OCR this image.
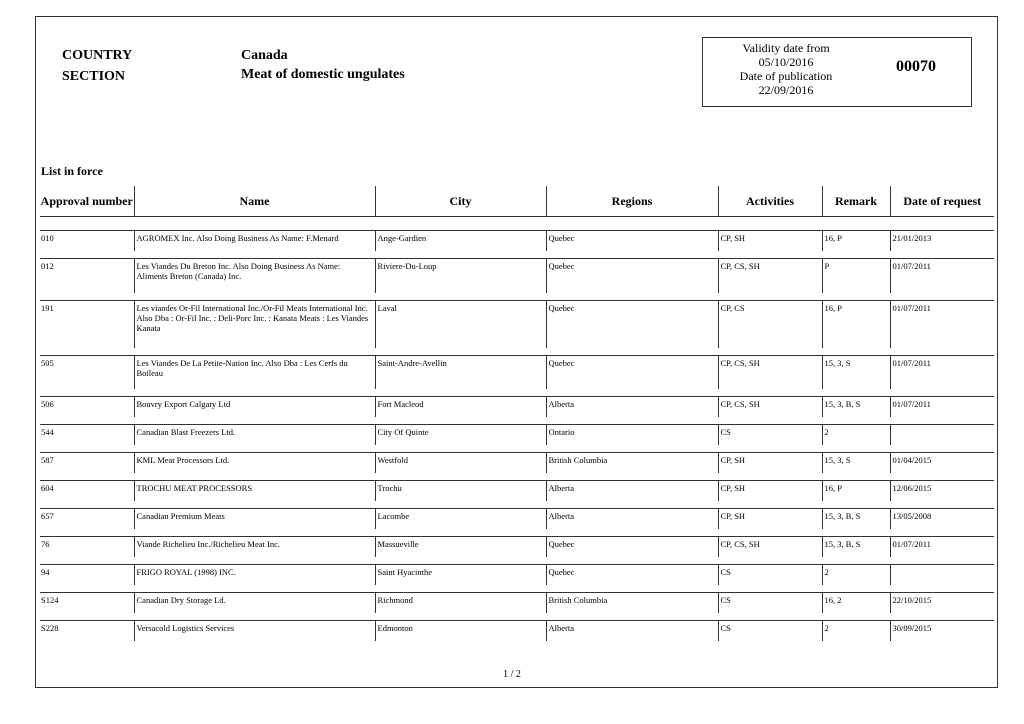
COUNTRY
SECTION
Canada
Meat of domestic ungulates
Validity date from
05/10/2016
Date of publication
22/09/2016
00070
List in force
Approval number	Name	City	Regions	Activities	Remark	Date of request

010	AGROMEX Inc. Also Doing Business As Name: F.Menard	Ange-Gardien	Quebec	CP, SH	16, P	21/01/2013

012	Les Viandes Du Breton Inc. Also Doing Business As Name: Aliments Breton (Canada) Inc.	Riviere-Du-Loup	Quebec	CP, CS, SH	P	01/07/2011

191	Les viandes Or-Fil International Inc./Or-Fil Meats International Inc. Also Dba : Or-Fil Inc. : Deli-Porc Inc. : Kanata Meats : Les Viandes Kanata	Laval	Quebec	CP, CS	16, P	01/07/2011

505	Les Viandes De La Petite-Nation Inc. Also Dba : Les Cerfs du Boileau	Saint-Andre-Avellin	Quebec	CP, CS, SH	15, 3, S	01/07/2011

506	Bouvry Export Calgary Ltd	Fort Macleod	Alberta	CP, CS, SH	15, 3, B, S	01/07/2011

544	Canadian Blast Freezers Ltd.	City Of Quinte	Ontario	CS	2	

587	KML Meat Processors Ltd.	Westfold	British Columbia	CP, SH	15, 3, S	01/04/2015

604	TROCHU MEAT PROCESSORS	Trochu	Alberta	CP, SH	16, P	12/06/2015

657	Canadian Premium Meats	Lacombe	Alberta	CP, SH	15, 3, B, S	13/05/2008

76	Viande Richelieu Inc./Richelieu Meat Inc.	Massueville	Quebec	CP, CS, SH	15, 3, B, S	01/07/2011

94	FRIGO ROYAL (1998) INC.	Saint Hyacinthe	Quebec	CS	2	

S124	Canadian Dry Storage Ld.	Richmond	British Columbia	CS	16, 2	22/10/2015

S228	Versacold Logistics Services	Edmonton	Alberta	CS	2	30/09/2015
1 / 2
